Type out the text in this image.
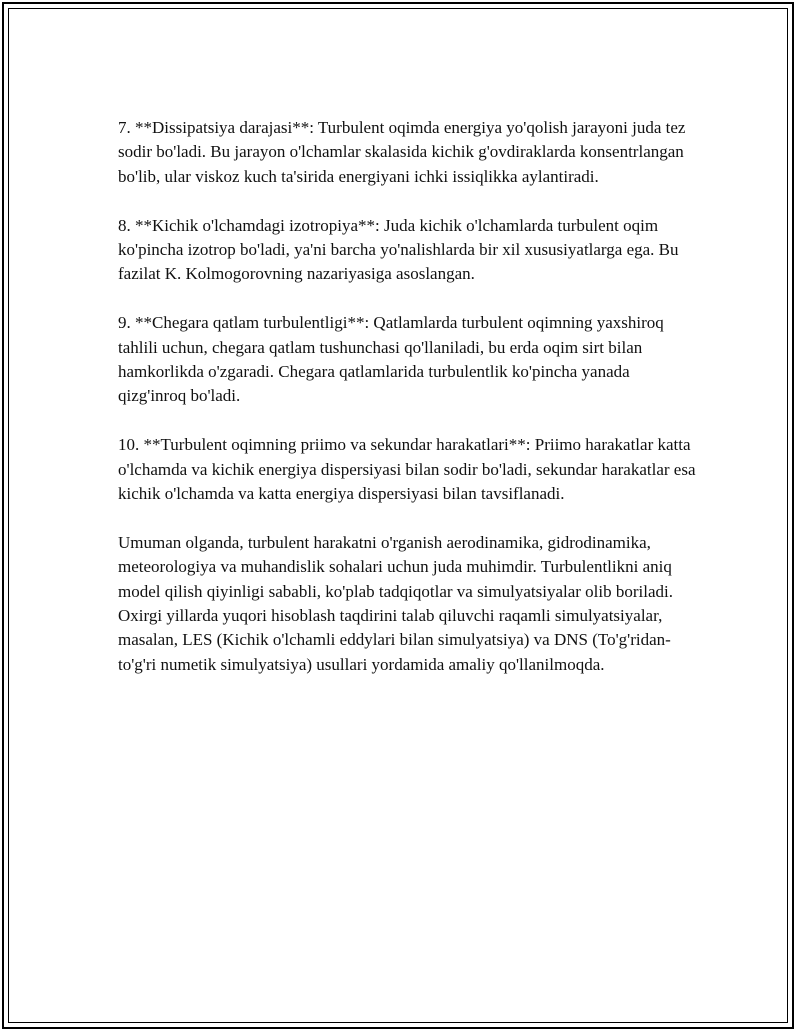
7. **Dissipatsiya darajasi**: Turbulent oqimda energiya yo'qolish jarayoni juda tez sodir bo'ladi. Bu jarayon o'lchamlar skalasida kichik g'ovdiraklarda konsentrlangan bo'lib, ular viskoz kuch ta'sirida energiyani ichki issiqlikka aylantiradi.

8. **Kichik o'lchamdagi izotropiya**: Juda kichik o'lchamlarda turbulent oqim ko'pincha izotrop bo'ladi, ya'ni barcha yo'nalishlarda bir xil xususiyatlarga ega. Bu fazilat K. Kolmogorovning nazariyasiga asoslangan.

9. **Chegara qatlam turbulentligi**: Qatlamlarda turbulent oqimning yaxshiroq tahlili uchun, chegara qatlam tushunchasi qo'llaniladi, bu erda oqim sirt bilan hamkorlikda o'zgaradi. Chegara qatlamlarida turbulentlik ko'pincha yanada qizg'inroq bo'ladi.

10. **Turbulent oqimning priimo va sekundar harakatlari**: Priimo harakatlar katta o'lchamda va kichik energiya dispersiyasi bilan sodir bo'ladi, sekundar harakatlar esa kichik o'lchamda va katta energiya dispersiyasi bilan tavsiflanadi.

Umuman olganda, turbulent harakatni o'rganish aerodinamika, gidrodinamika, meteorologiya va muhandislik sohalari uchun juda muhimdir. Turbulentlikni aniq model qilish qiyinligi sababli, ko'plab tadqiqotlar va simulyatsiyalar olib boriladi. Oxirgi yillarda yuqori hisoblash taqdirini talab qiluvchi raqamli simulyatsiyalar, masalan, LES (Kichik o'lchamli eddylari bilan simulyatsiya) va DNS (To'g'ridan-to'g'ri numetik simulyatsiya) usullari yordamida amaliy qo'llanilmoqda.
